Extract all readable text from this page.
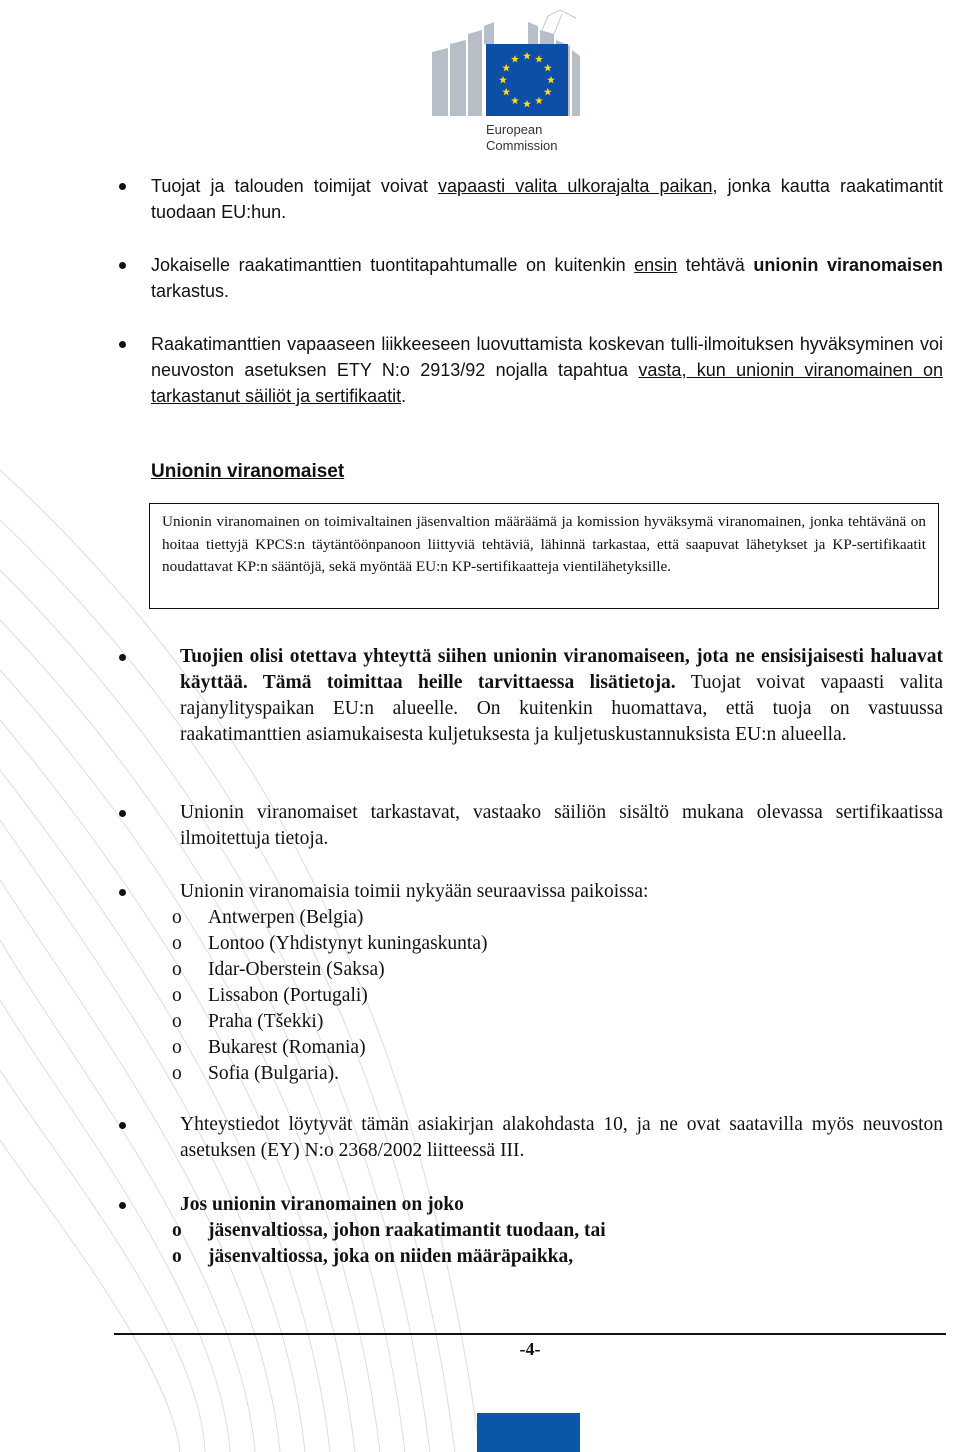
European
Commission
Tuojat ja talouden toimijat voivat vapaasti valita ulkorajalta paikan, jonka kautta raakatimantit tuodaan EU:hun.
Jokaiselle raakatimanttien tuontitapahtumalle on kuitenkin ensin tehtävä unionin viranomaisen tarkastus.
Raakatimanttien vapaaseen liikkeeseen luovuttamista koskevan tulli-ilmoituksen hyväksyminen voi neuvoston asetuksen ETY N:o 2913/92 nojalla tapahtua vasta, kun unionin viranomainen on tarkastanut säiliöt ja sertifikaatit.
Unionin viranomaiset
Unionin viranomainen on toimivaltainen jäsenvaltion määräämä ja komission hyväksymä viranomainen, jonka tehtävänä on hoitaa tiettyjä KPCS:n täytäntöönpanoon liittyviä tehtäviä, lähinnä tarkastaa, että saapuvat lähetykset ja KP-sertifikaatit noudattavat KP:n sääntöjä, sekä myöntää EU:n KP-sertifikaatteja vientilähetyksille.
Tuojien olisi otettava yhteyttä siihen unionin viranomaiseen, jota ne ensisijaisesti haluavat käyttää. Tämä toimittaa heille tarvittaessa lisätietoja. Tuojat voivat vapaasti valita rajanylityspaikan EU:n alueelle. On kuitenkin huomattava, että tuoja on vastuussa raakatimanttien asiamukaisesta kuljetuksesta ja kuljetuskustannuksista EU:n alueella.
Unionin viranomaiset tarkastavat, vastaako säiliön sisältö mukana olevassa sertifikaatissa ilmoitettuja tietoja.
Unionin viranomaisia toimii nykyään seuraavissa paikoissa:
o Antwerpen (Belgia)
o Lontoo (Yhdistynyt kuningaskunta)
o Idar-Oberstein (Saksa)
o Lissabon (Portugali)
o Praha (Tšekki)
o Bukarest (Romania)
o Sofia (Bulgaria).
Yhteystiedot löytyvät tämän asiakirjan alakohdasta 10, ja ne ovat saatavilla myös neuvoston asetuksen (EY) N:o 2368/2002 liitteessä III.
Jos unionin viranomainen on joko
o jäsenvaltiossa, johon raakatimantit tuodaan, tai
o jäsenvaltiossa, joka on niiden määräpaikka,
-4-
